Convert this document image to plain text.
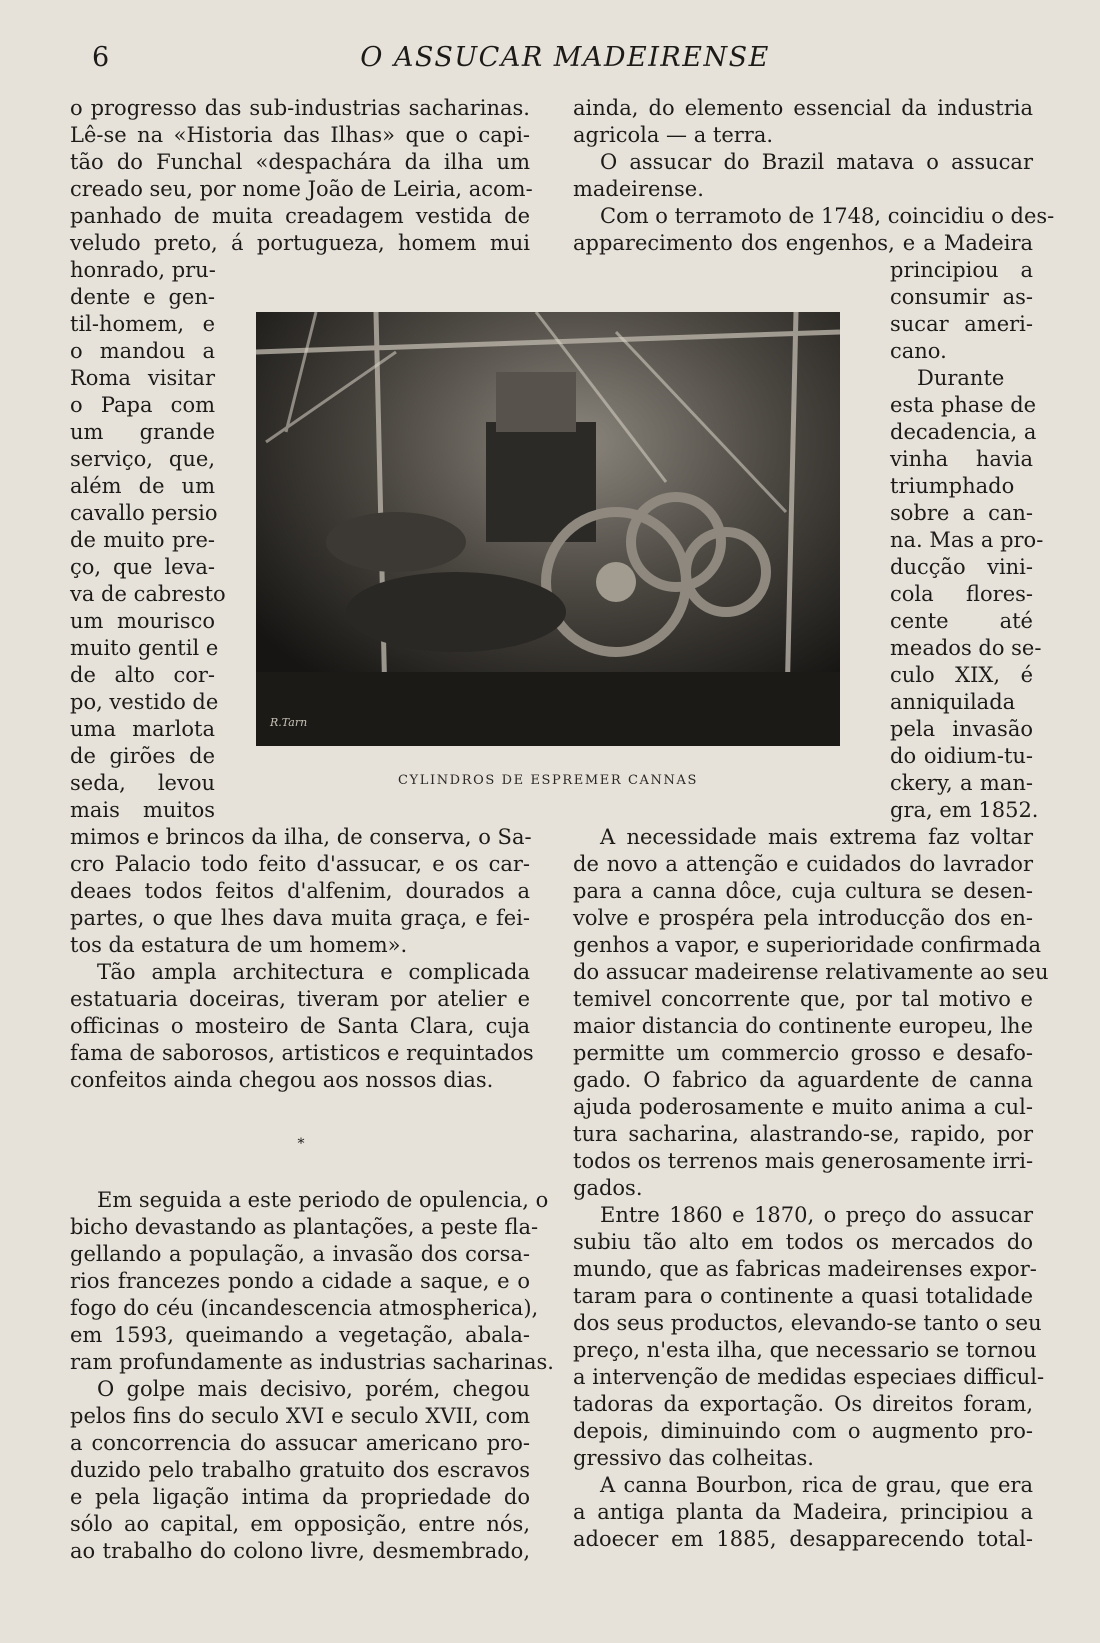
6	O ASSUCAR MADEIRENSE
o progresso das sub-industrias sacharinas.
Lê-se na «Historia das Ilhas» que o capi-
tão do Funchal «despachára da ilha um
creado seu, por nome João de Leiria, acom-
panhado de muita creadagem vestida de
veludo preto, á portugueza, homem mui
honrado, pru-
dente e gen-
til-homem, e
o mandou a
Roma visitar
o Papa com
um grande
serviço, que,
além de um
cavallo persio
de muito pre-
ço, que leva-
va de cabresto
um mourisco
muito gentil e
de alto cor-
po, vestido de
uma marlota
de girões de
seda, levou
mais muitos
mimos e brincos da ilha, de conserva, o Sa-
cro Palacio todo feito d'assucar, e os car-
deaes todos feitos d'alfenim, dourados a
partes, o que lhes dava muita graça, e fei-
tos da estatura de um homem».
Tão ampla architectura e complicada
estatuaria doceiras, tiveram por atelier e
officinas o mosteiro de Santa Clara, cuja
fama de saborosos, artisticos e requintados
confeitos ainda chegou aos nossos dias.
Em seguida a este periodo de opulencia, o
bicho devastando as plantações, a peste fla-
gellando a população, a invasão dos corsa-
rios francezes pondo a cidade a saque, e o
fogo do céu (incandescencia atmospherica),
em 1593, queimando a vegetação, abala-
ram profundamente as industrias sacharinas.
O golpe mais decisivo, porém, chegou
pelos fins do seculo XVI e seculo XVII, com
a concorrencia do assucar americano pro-
duzido pelo trabalho gratuito dos escravos
e pela ligação intima da propriedade do
sólo ao capital, em opposição, entre nós,
ao trabalho do colono livre, desmembrado,
ainda, do elemento essencial da industria
agricola — a terra.
O assucar do Brazil matava o assucar
madeirense.
Com o terramoto de 1748, coincidiu o des-
apparecimento dos engenhos, e a Madeira
principiou a
consumir as-
sucar ameri-
cano.
Durante
esta phase de
decadencia, a
vinha havia
triumphado
sobre a can-
na. Mas a pro-
ducção vini-
cola flores-
cente até
meados do se-
culo XIX, é
anniquilada
pela invasão
do oidium-tu-
ckery, a man-
gra, em 1852.
A necessidade mais extrema faz voltar
de novo a attenção e cuidados do lavrador
para a canna dôce, cuja cultura se desen-
volve e prospéra pela introducção dos en-
genhos a vapor, e superioridade confirmada
do assucar madeirense relativamente ao seu
temivel concorrente que, por tal motivo e
maior distancia do continente europeu, lhe
permitte um commercio grosso e desafo-
gado. O fabrico da aguardente de canna
ajuda poderosamente e muito anima a cul-
tura sacharina, alastrando-se, rapido, por
todos os terrenos mais generosamente irri-
gados.
Entre 1860 e 1870, o preço do assucar
subiu tão alto em todos os mercados do
mundo, que as fabricas madeirenses expor-
taram para o continente a quasi totalidade
dos seus productos, elevando-se tanto o seu
preço, n'esta ilha, que necessario se tornou
a intervenção de medidas especiaes difficul-
tadoras da exportação. Os direitos foram,
depois, diminuindo com o augmento pro-
gressivo das colheitas.
A canna Bourbon, rica de grau, que era
a antiga planta da Madeira, principiou a
adoecer em 1885, desapparecendo total-
R.Tarn
CYLINDROS DE ESPREMER CANNAS
*
